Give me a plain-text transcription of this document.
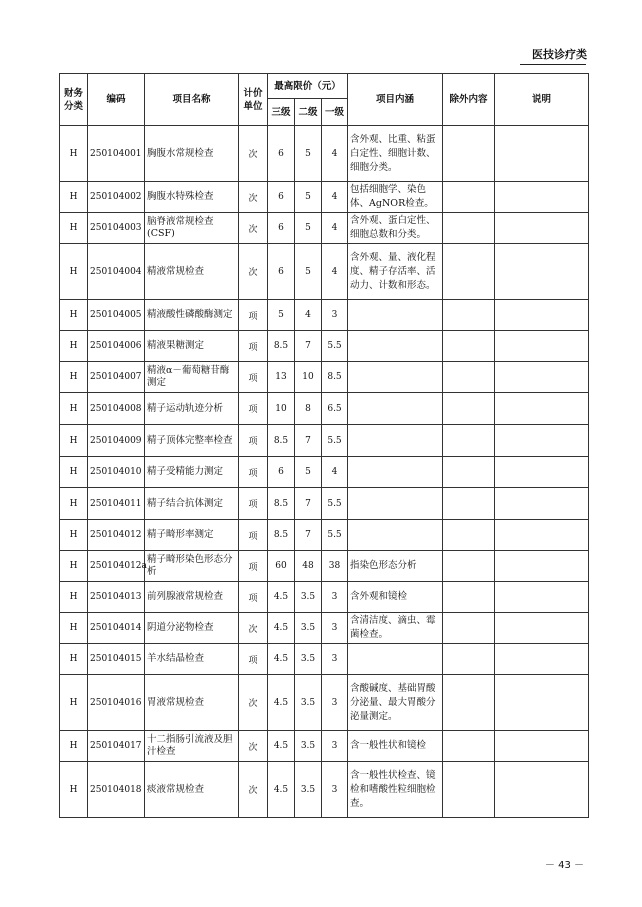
医技诊疗类
财务分类	编码	项目名称	计价单位	最高限价（元）			项目内涵	除外内容	说明
				三级	二级	一级			
H	250104001	胸腹水常规检查	次	6	5	4	含外观、比重、粘蛋白定性、细胞计数、细胞分类。		
H	250104002	胸腹水特殊检查	次	6	5	4	包括细胞学、染色体、AgNOR检查。		
H	250104003	脑脊液常规检查(CSF)	次	6	5	4	含外观、蛋白定性、细胞总数和分类。		
H	250104004	精液常规检查	次	6	5	4	含外观、量、液化程度、精子存活率、活动力、计数和形态。		
H	250104005	精液酸性磷酸酶测定	项	5	4	3			
H	250104006	精液果糖测定	项	8.5	7	5.5			
H	250104007	精液α－葡萄糖苷酶测定	项	13	10	8.5			
H	250104008	精子运动轨迹分析	项	10	8	6.5			
H	250104009	精子顶体完整率检查	项	8.5	7	5.5			
H	250104010	精子受精能力测定	项	6	5	4			
H	250104011	精子结合抗体测定	项	8.5	7	5.5			
H	250104012	精子畸形率测定	项	8.5	7	5.5			
H	250104012a	精子畸形染色形态分析	项	60	48	38	指染色形态分析		
H	250104013	前列腺液常规检查	项	4.5	3.5	3	含外观和镜检		
H	250104014	阴道分泌物检查	次	4.5	3.5	3	含清洁度、滴虫、霉菌检查。		
H	250104015	羊水结晶检查	项	4.5	3.5	3			
H	250104016	胃液常规检查	次	4.5	3.5	3	含酸碱度、基础胃酸分泌量、最大胃酸分泌量测定。		
H	250104017	十二指肠引流液及胆汁检查	次	4.5	3.5	3	含一般性状和镜检		
H	250104018	痰液常规检查	次	4.5	3.5	3	含一般性状检查、镜检和嗜酸性粒细胞检查。		
－ 43 －
